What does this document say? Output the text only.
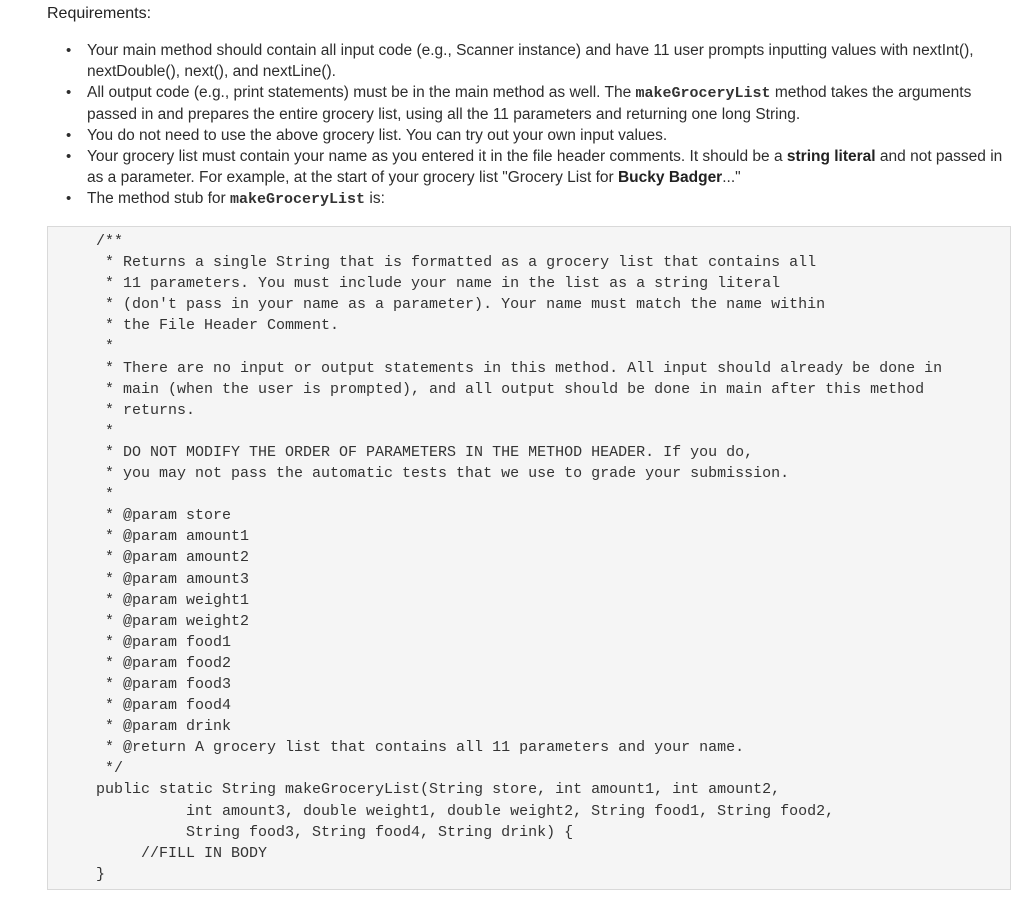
Requirements:
• Your main method should contain all input code (e.g., Scanner instance) and have 11 user prompts inputting values with nextInt(), nextDouble(), next(), and nextLine().
• All output code (e.g., print statements) must be in the main method as well. The makeGroceryList method takes the arguments passed in and prepares the entire grocery list, using all the 11 parameters and returning one long String.
• You do not need to use the above grocery list. You can try out your own input values.
• Your grocery list must contain your name as you entered it in the file header comments. It should be a string literal and not passed in as a parameter. For example, at the start of your grocery list "Grocery List for Bucky Badger..."
• The method stub for makeGroceryList is:
/**
* Returns a single String that is formatted as a grocery list that contains all
* 11 parameters. You must include your name in the list as a string literal
* (don't pass in your name as a parameter). Your name must match the name within
* the File Header Comment.
*
* There are no input or output statements in this method. All input should already be done in
* main (when the user is prompted), and all output should be done in main after this method
* returns.
*
* DO NOT MODIFY THE ORDER OF PARAMETERS IN THE METHOD HEADER. If you do,
* you may not pass the automatic tests that we use to grade your submission.
*
* @param store
* @param amount1
* @param amount2
* @param amount3
* @param weight1
* @param weight2
* @param food1
* @param food2
* @param food3
* @param food4
* @param drink
* @return A grocery list that contains all 11 parameters and your name.
*/
public static String makeGroceryList(String store, int amount1, int amount2,
int amount3, double weight1, double weight2, String food1, String food2,
String food3, String food4, String drink) {
//FILL IN BODY
}
